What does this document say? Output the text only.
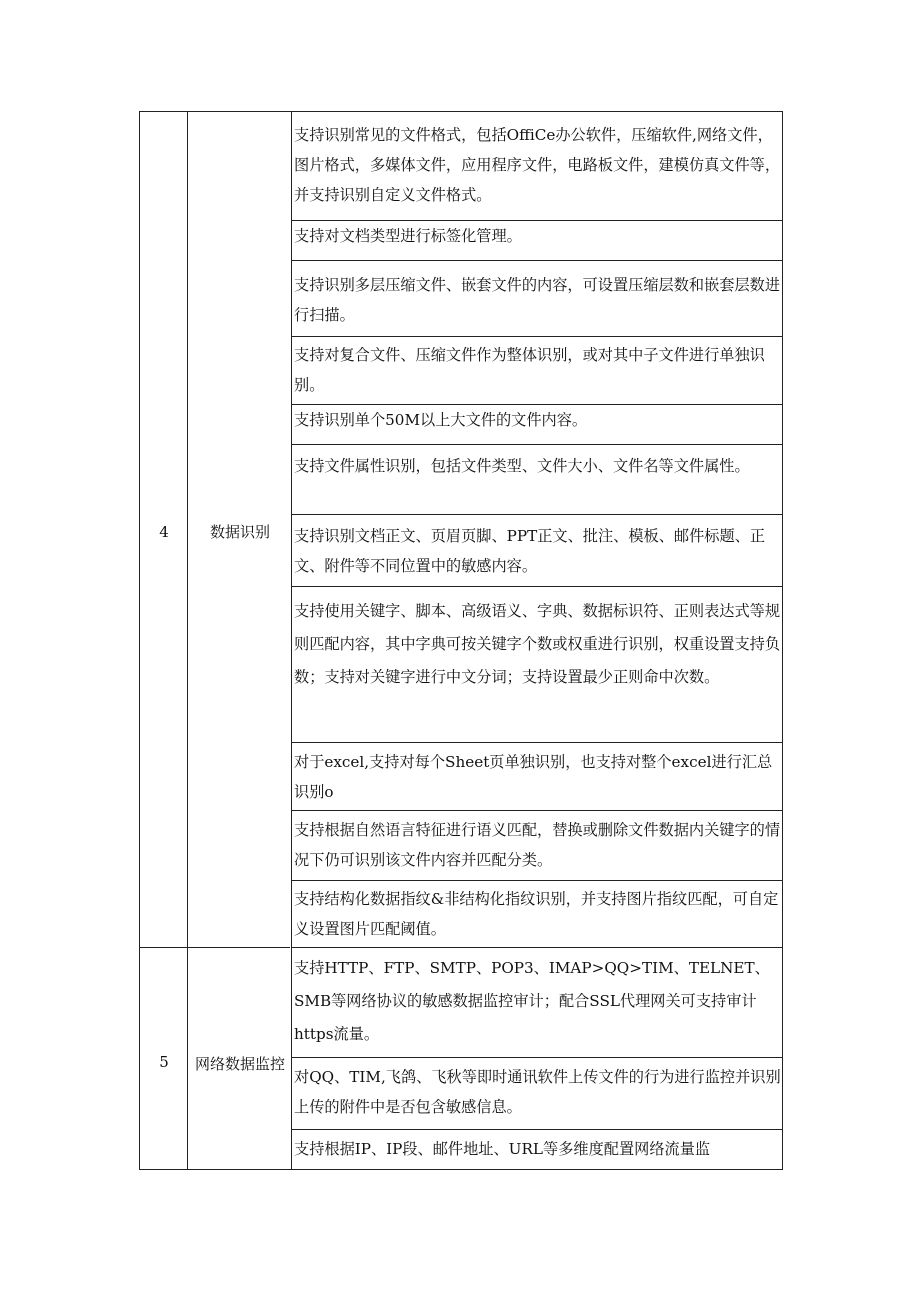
4
5
数据识别
网络数据监控
支持识别常见的文件格式，包括OffiCe办公软件，压缩软件,网络文件，图片格式，多媒体文件，应用程序文件，电路板文件，建模仿真文件等，并支持识别自定义文件格式。
支持对文档类型进行标签化管理。
支持识别多层压缩文件、嵌套文件的内容，可设置压缩层数和嵌套层数进行扫描。
支持对复合文件、压缩文件作为整体识别，或对其中子文件进行单独识别。
支持识别单个50M以上大文件的文件内容。
支持文件属性识别，包括文件类型、文件大小、文件名等文件属性。
支持识别文档正文、页眉页脚、PPT正文、批注、模板、邮件标题、正文、附件等不同位置中的敏感内容。
支持使用关键字、脚本、高级语义、字典、数据标识符、正则表达式等规则匹配内容，其中字典可按关键字个数或权重进行识别，权重设置支持负数；支持对关键字进行中文分词；支持设置最少正则命中次数。
对于excel,支持对每个Sheet页单独识别，也支持对整个excel进行汇总识别o
支持根据自然语言特征进行语义匹配，替换或删除文件数据内关键字的情况下仍可识别该文件内容并匹配分类。
支持结构化数据指纹&非结构化指纹识别，并支持图片指纹匹配，可自定义设置图片匹配阈值。
支持HTTP、FTP、SMTP、POP3、IMAP>QQ>TIM、TELNET、SMB等网络协议的敏感数据监控审计；配合SSL代理网关可支持审计https流量。
对QQ、TIM,飞鸽、飞秋等即时通讯软件上传文件的行为进行监控并识别上传的附件中是否包含敏感信息。
支持根据IP、IP段、邮件地址、URL等多维度配置网络流量监
